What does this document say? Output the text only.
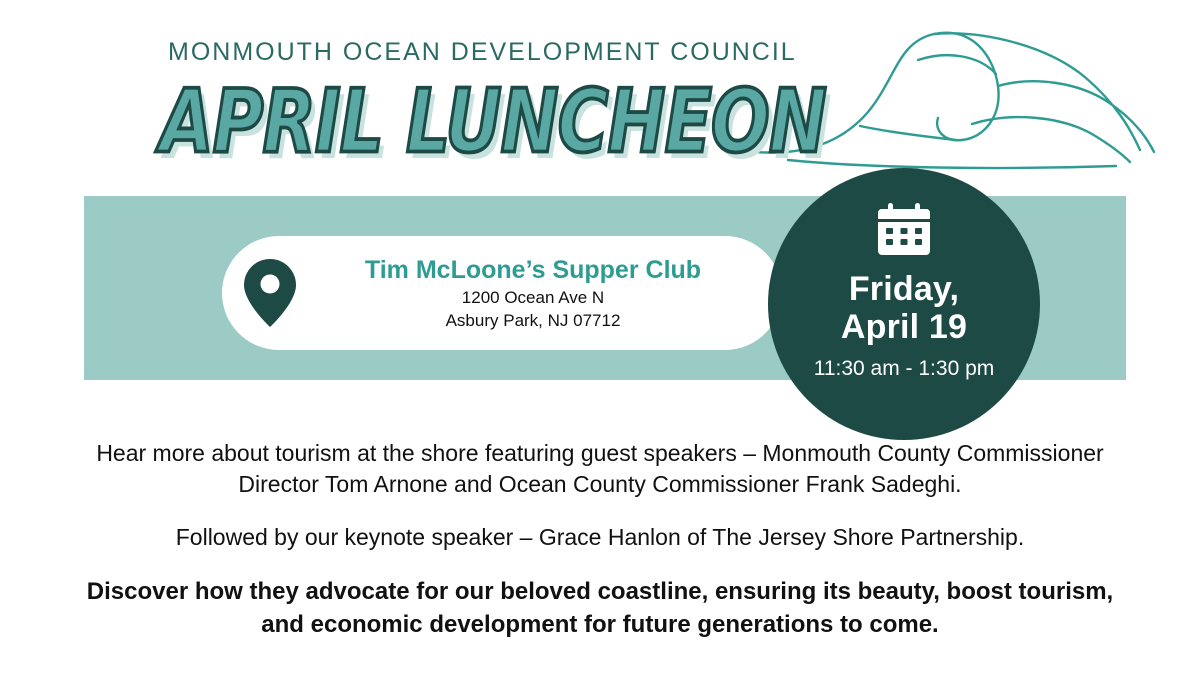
MONMOUTH OCEAN DEVELOPMENT COUNCIL
APRIL LUNCHEON
Tim McLoone’s Supper Club
1200 Ocean Ave N
Asbury Park, NJ 07712
Friday,
April 19
11:30 am - 1:30 pm

Hear more about tourism at the shore featuring guest speakers – Monmouth County Commissioner Director Tom Arnone and Ocean County Commissioner Frank Sadeghi.

Followed by our keynote speaker – Grace Hanlon of The Jersey Shore Partnership.

Discover how they advocate for our beloved coastline, ensuring its beauty, boost tourism, and economic development for future generations to come.
